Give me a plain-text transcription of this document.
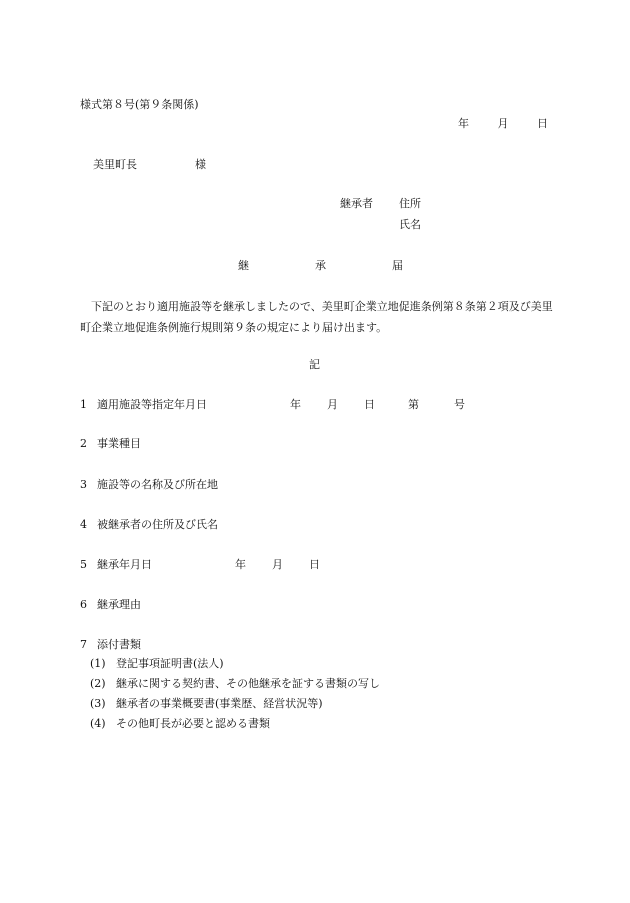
様式第８号(第９条関係)
年	月	日
美里町長	様
継承者 住所
氏名
継	承	届
下記のとおり適用施設等を継承しましたので、美里町企業立地促進条例第８条第２項及び美里町企業立地促進条例施行規則第９条の規定により届け出ます。
記
1 適用施設等指定年月日	年 月 日	第	号
2 事業種目
3 施設等の名称及び所在地
4 被継承者の住所及び氏名
5 継承年月日	年 月 日
6 継承理由
7 添付書類
(1) 登記事項証明書(法人)
(2) 継承に関する契約書、その他継承を証する書類の写し
(3) 継承者の事業概要書(事業歴、経営状況等)
(4) その他町長が必要と認める書類
